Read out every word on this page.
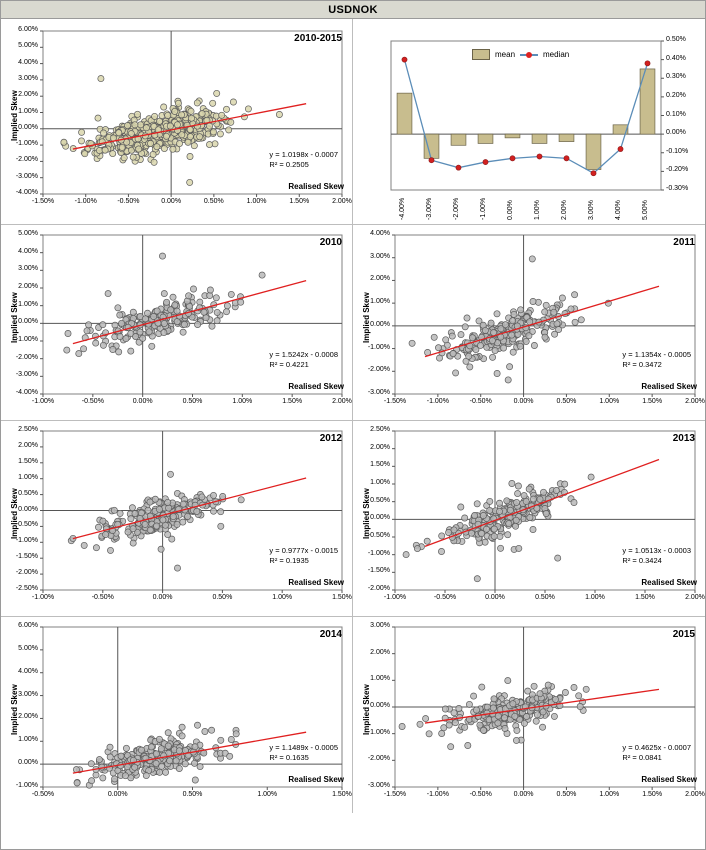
USDNOK
6.00%
5.00%
4.00%
3.00%
2.00%
1.00%
0.00%
-1.00%
-2.00%
-3.00%
-4.00%
-1.50%	-1.00%	-0.50%	0.00%	0.50%	1.00%	1.50%	2.00%
Implied Skew
Realised Skew
2010-2015
y = 1.0198x - 0.0007
R² = 0.2505
0.50%
0.40%
0.30%
0.20%
0.10%
0.00%
-0.10%
-0.20%
-0.30%
-4.00%	-3.00%	-2.00%	-1.00%	0.00%	1.00%	2.00%	3.00%	4.00%	5.00%
mean	median
5.00%
4.00%
3.00%
2.00%
1.00%
0.00%
-1.00%
-2.00%
-3.00%
-4.00%
-1.00%	-0.50%	0.00%	0.50%	1.00%	1.50%	2.00%
Implied Skew
Realised Skew
2010
y = 1.5242x - 0.0008
R² = 0.4221
4.00%
3.00%
2.00%
1.00%
0.00%
-1.00%
-2.00%
-3.00%
-1.50%	-1.00%	-0.50%	0.00%	0.50%	1.00%	1.50%	2.00%
Implied Skew
Realised Skew
2011
y = 1.1354x - 0.0005
R² = 0.3472
2.50%
2.00%
1.50%
1.00%
0.50%
0.00%
-0.50%
-1.00%
-1.50%
-2.00%
-2.50%
-1.00%	-0.50%	0.00%	0.50%	1.00%	1.50%
Implied Skew
Realised Skew
2012
y = 0.9777x - 0.0015
R² = 0.1935
2.50%
2.00%
1.50%
1.00%
0.50%
0.00%
-0.50%
-1.00%
-1.50%
-2.00%
-1.00%	-0.50%	0.00%	0.50%	1.00%	1.50%	2.00%
Implied Skew
Realised Skew
2013
y = 1.0513x - 0.0003
R² = 0.3424
6.00%
5.00%
4.00%
3.00%
2.00%
1.00%
0.00%
-1.00%
-0.50%	0.00%	0.50%	1.00%	1.50%
Implied Skew
Realised Skew
2014
y = 1.1489x - 0.0005
R² = 0.1635
3.00%
2.00%
1.00%
0.00%
-1.00%
-2.00%
-3.00%
-1.50%	-1.00%	-0.50%	0.00%	0.50%	1.00%	1.50%	2.00%
Implied Skew
Realised Skew
2015
y = 0.4625x - 0.0007
R² = 0.0841
